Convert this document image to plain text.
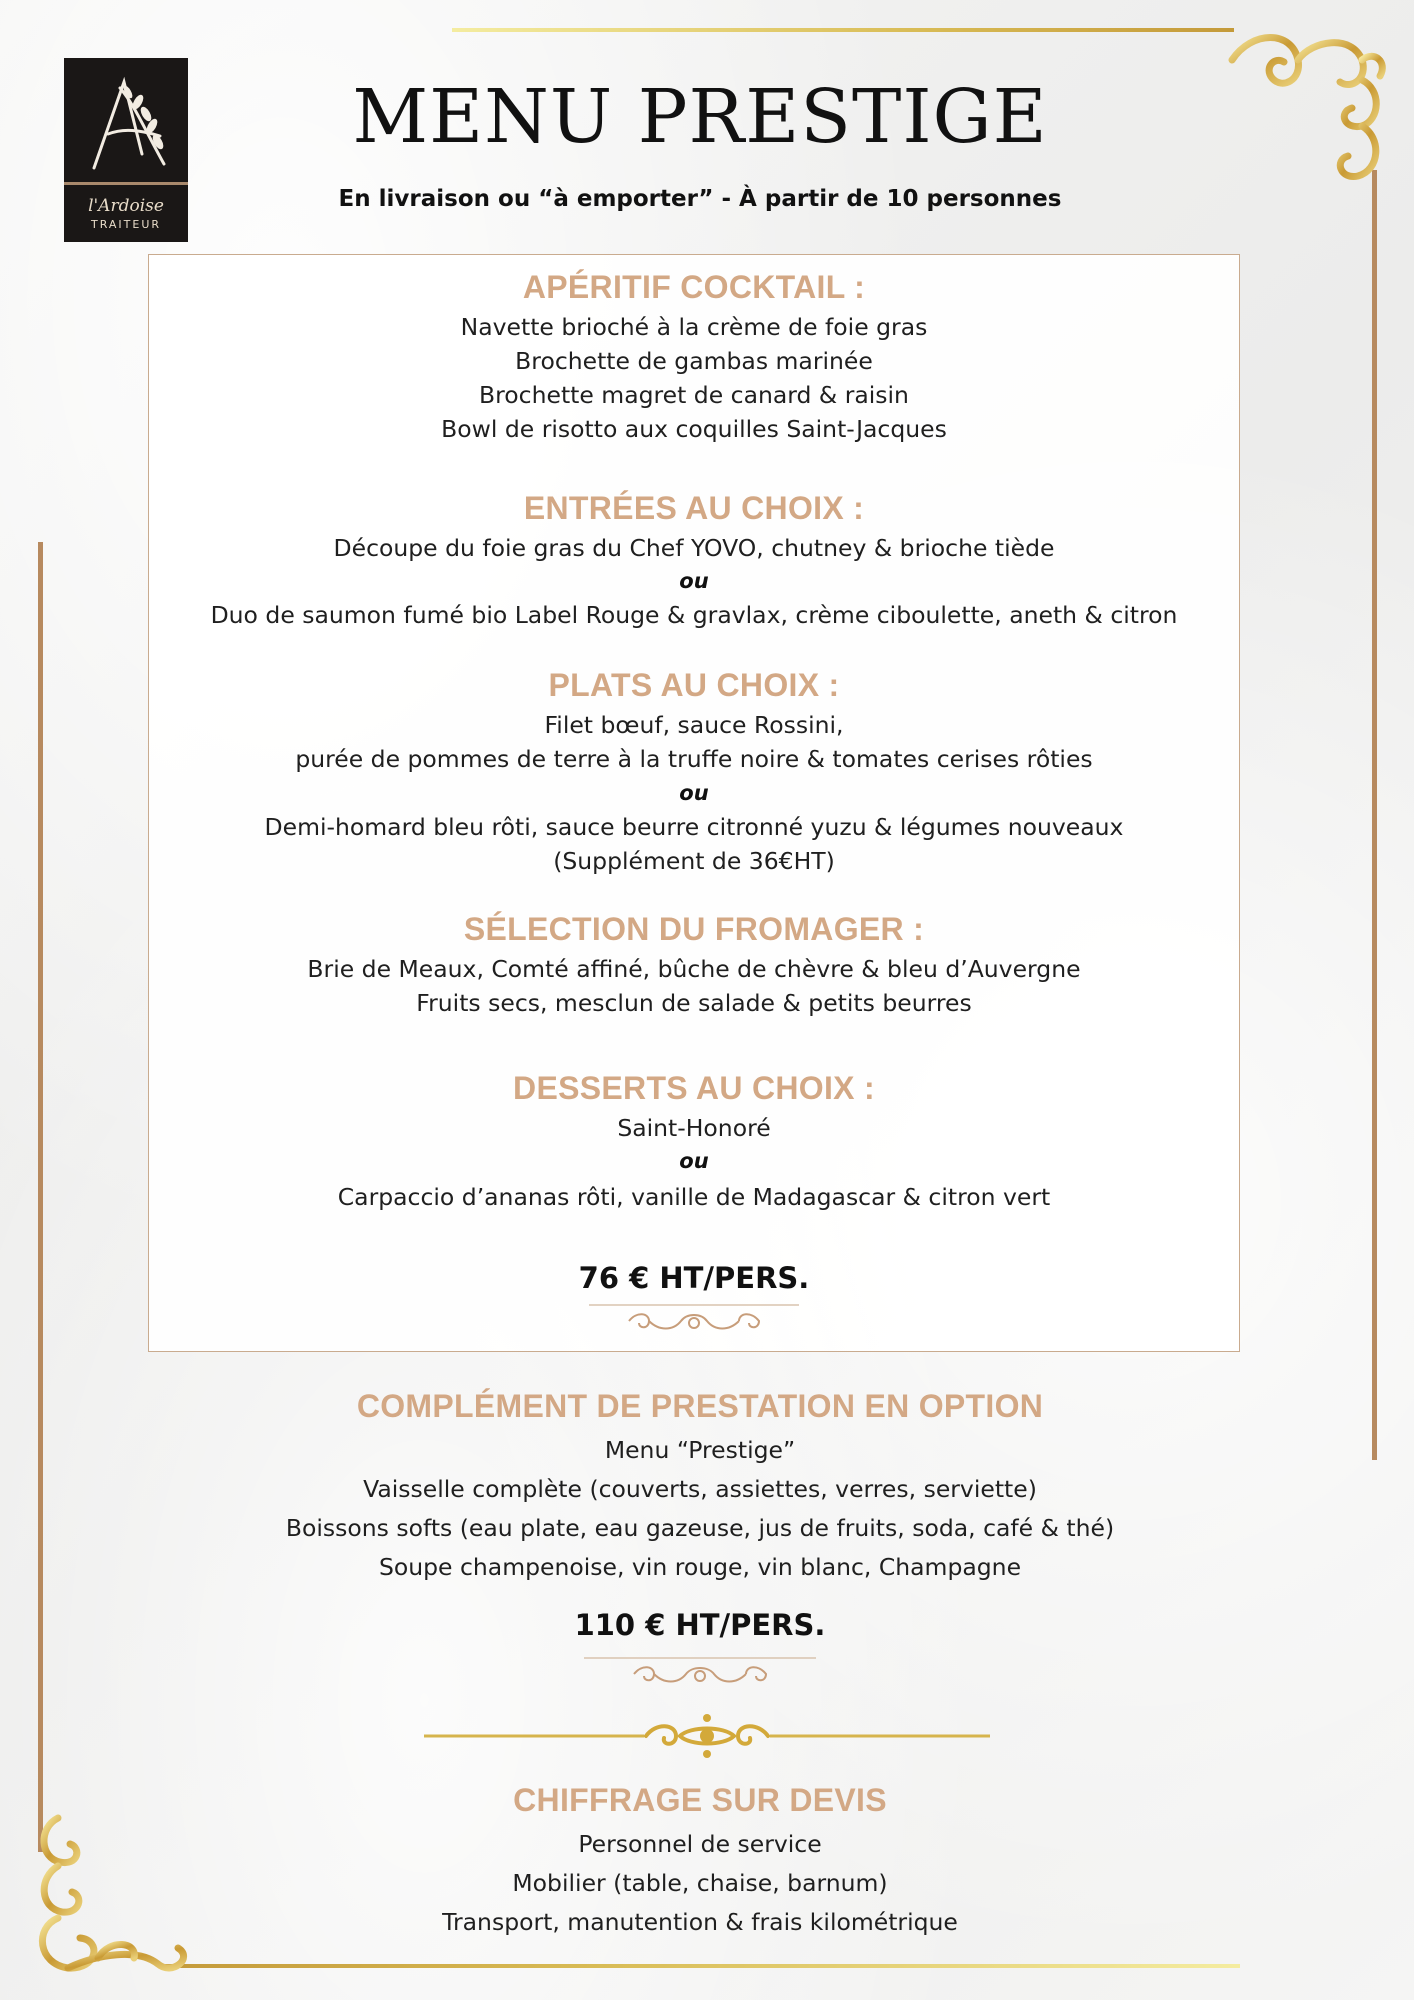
l'Ardoise
TRAITEUR
MENU PRESTIGE
En livraison ou “à emporter” - À partir de 10 personnes
APÉRITIF COCKTAIL :
Navette brioché à la crème de foie gras
Brochette de gambas marinée
Brochette magret de canard & raisin
Bowl de risotto aux coquilles Saint-Jacques
ENTRÉES AU CHOIX :
Découpe du foie gras du Chef YOVO, chutney & brioche tiède
ou
Duo de saumon fumé bio Label Rouge & gravlax, crème ciboulette, aneth & citron
PLATS AU CHOIX :
Filet bœuf, sauce Rossini,
purée de pommes de terre à la truffe noire & tomates cerises rôties
ou
Demi-homard bleu rôti, sauce beurre citronné yuzu & légumes nouveaux
(Supplément de 36€HT)
SÉLECTION DU FROMAGER :
Brie de Meaux, Comté affiné, bûche de chèvre & bleu d’Auvergne
Fruits secs, mesclun de salade & petits beurres
DESSERTS AU CHOIX :
Saint-Honoré
ou
Carpaccio d’ananas rôti, vanille de Madagascar & citron vert
76 € HT/PERS.
COMPLÉMENT DE PRESTATION EN OPTION
Menu “Prestige”
Vaisselle complète (couverts, assiettes, verres, serviette)
Boissons softs (eau plate, eau gazeuse, jus de fruits, soda, café & thé)
Soupe champenoise, vin rouge, vin blanc, Champagne
110 € HT/PERS.
CHIFFRAGE SUR DEVIS
Personnel de service
Mobilier (table, chaise, barnum)
Transport, manutention & frais kilométrique
